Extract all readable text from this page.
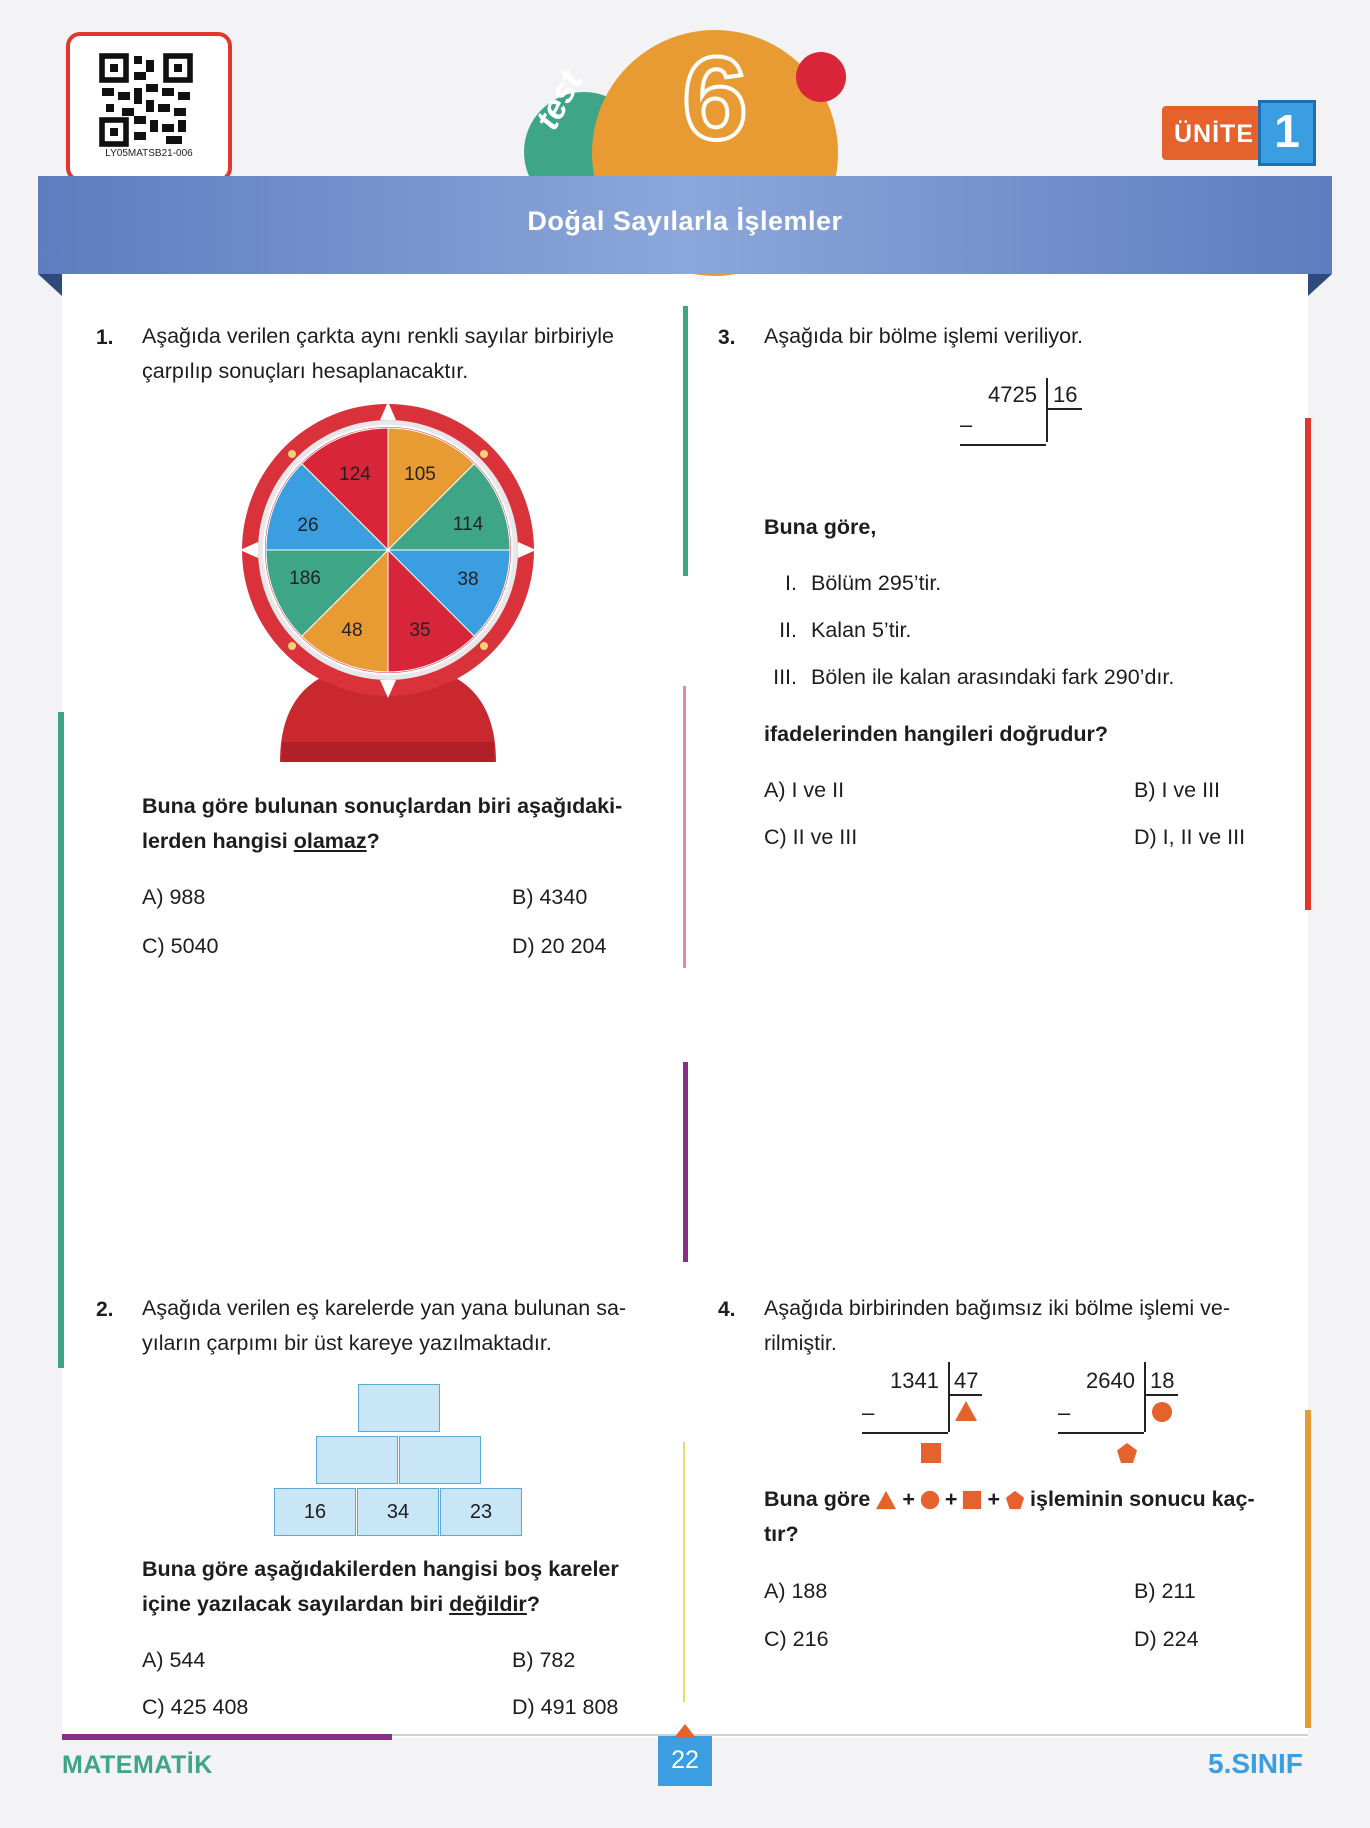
LY05MATSB21-006
test 6
Doğal Sayılarla İşlemler
ÜNİTE 1
1. Aşağıda verilen çarkta aynı renkli sayılar birbiriyle çarpılıp sonuçları hesaplanacaktır.
124 105
114
38
35
48
186
26
Buna göre bulunan sonuçlardan biri aşağıdaki-
lerden hangisi olamaz?
A) 988	B) 4340
C) 5040	D) 20 204
2. Aşağıda verilen eş karelerde yan yana bulunan sa-
yıların çarpımı bir üst kareye yazılmaktadır.
16	34	23
Buna göre aşağıdakilerden hangisi boş kareler
içine yazılacak sayılardan biri değildir?
A) 544	B) 782
C) 425 408	D) 491 808
3. Aşağıda bir bölme işlemi veriliyor.
4725 16
–
Buna göre,
I. Bölüm 295’tir.
II. Kalan 5’tir.
III. Bölen ile kalan arasındaki fark 290’dır.
ifadelerinden hangileri doğrudur?
A) I ve II	B) I ve III
C) II ve III	D) I, II ve III
4. Aşağıda birbirinden bağımsız iki bölme işlemi ve-
rilmiştir.
1341 47
–
2640 18
–
Buna göre + + + işleminin sonucu kaç-
tır?
A) 188	B) 211
C) 216	D) 224
MATEMATİK	22	5.SINIF
